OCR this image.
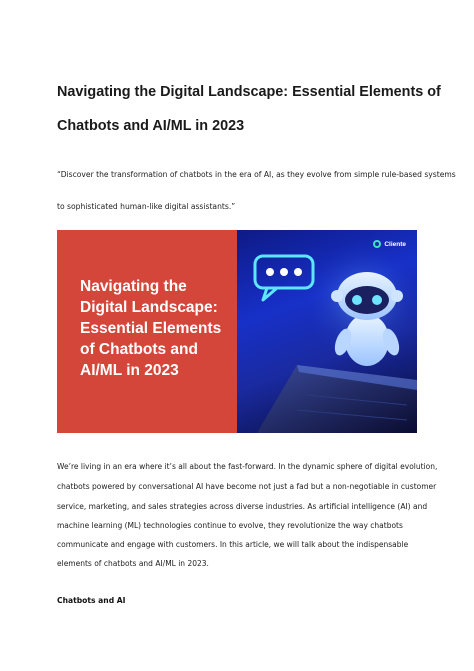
Navigating the Digital Landscape: Essential Elements of
Chatbots and AI/ML in 2023
“Discover the transformation of chatbots in the era of AI, as they evolve from simple rule-based systems
to sophisticated human-like digital assistants.”
Navigating the
Digital Landscape:
Essential Elements
of Chatbots and
AI/ML in 2023
Cliente
We’re living in an era where it’s all about the fast-forward. In the dynamic sphere of digital evolution,
chatbots powered by conversational AI have become not just a fad but a non-negotiable in customer
service, marketing, and sales strategies across diverse industries. As artificial intelligence (AI) and
machine learning (ML) technologies continue to evolve, they revolutionize the way chatbots
communicate and engage with customers. In this article, we will talk about the indispensable
elements of chatbots and AI/ML in 2023.
Chatbots and AI
